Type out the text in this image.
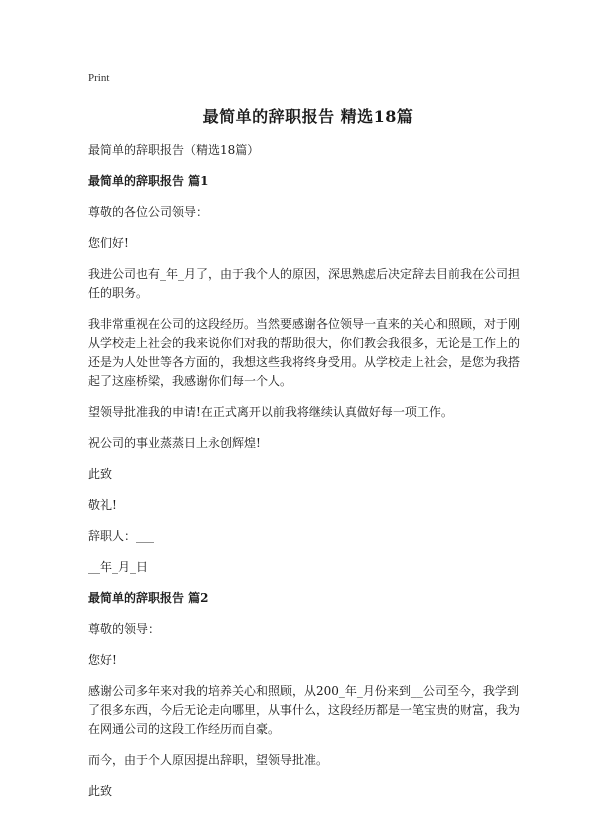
Print
最简单的辞职报告 精选18篇
最简单的辞职报告（精选18篇）
最简单的辞职报告 篇1
尊敬的各位公司领导：
您们好!
我进公司也有_年_月了，由于我个人的原因，深思熟虑后决定辞去目前我在公司担任的职务。
我非常重视在公司的这段经历。当然要感谢各位领导一直来的关心和照顾，对于刚从学校走上社会的我来说你们对我的帮助很大，你们教会我很多，无论是工作上的还是为人处世等各方面的，我想这些我将终身受用。从学校走上社会，是您为我搭起了这座桥梁，我感谢你们每一个人。
望领导批准我的申请!在正式离开以前我将继续认真做好每一项工作。
祝公司的事业蒸蒸日上永创辉煌!
此致
敬礼!
辞职人：___
__年_月_日
最简单的辞职报告 篇2
尊敬的领导：
您好!
感谢公司多年来对我的培养关心和照顾，从200_年_月份来到__公司至今，我学到了很多东西，今后无论走向哪里，从事什么，这段经历都是一笔宝贵的财富，我为在网通公司的这段工作经历而自豪。
而今，由于个人原因提出辞职，望领导批准。
此致
